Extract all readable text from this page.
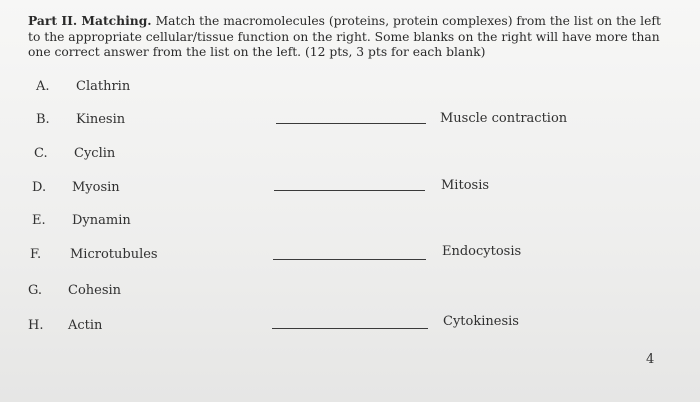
Part II. Matching. Match the macromolecules (proteins, protein complexes) from the list on the left to the appropriate cellular/tissue function on the right. Some blanks on the right will have more than one correct answer from the list on the left. (12 pts, 3 pts for each blank)
A.	Clathrin
B.	Kinesin
C.	Cyclin
D.	Myosin
E.	Dynamin
F.	Microtubules
G.	Cohesin
H.	Actin
Muscle contraction
Mitosis
Endocytosis
Cytokinesis
4
